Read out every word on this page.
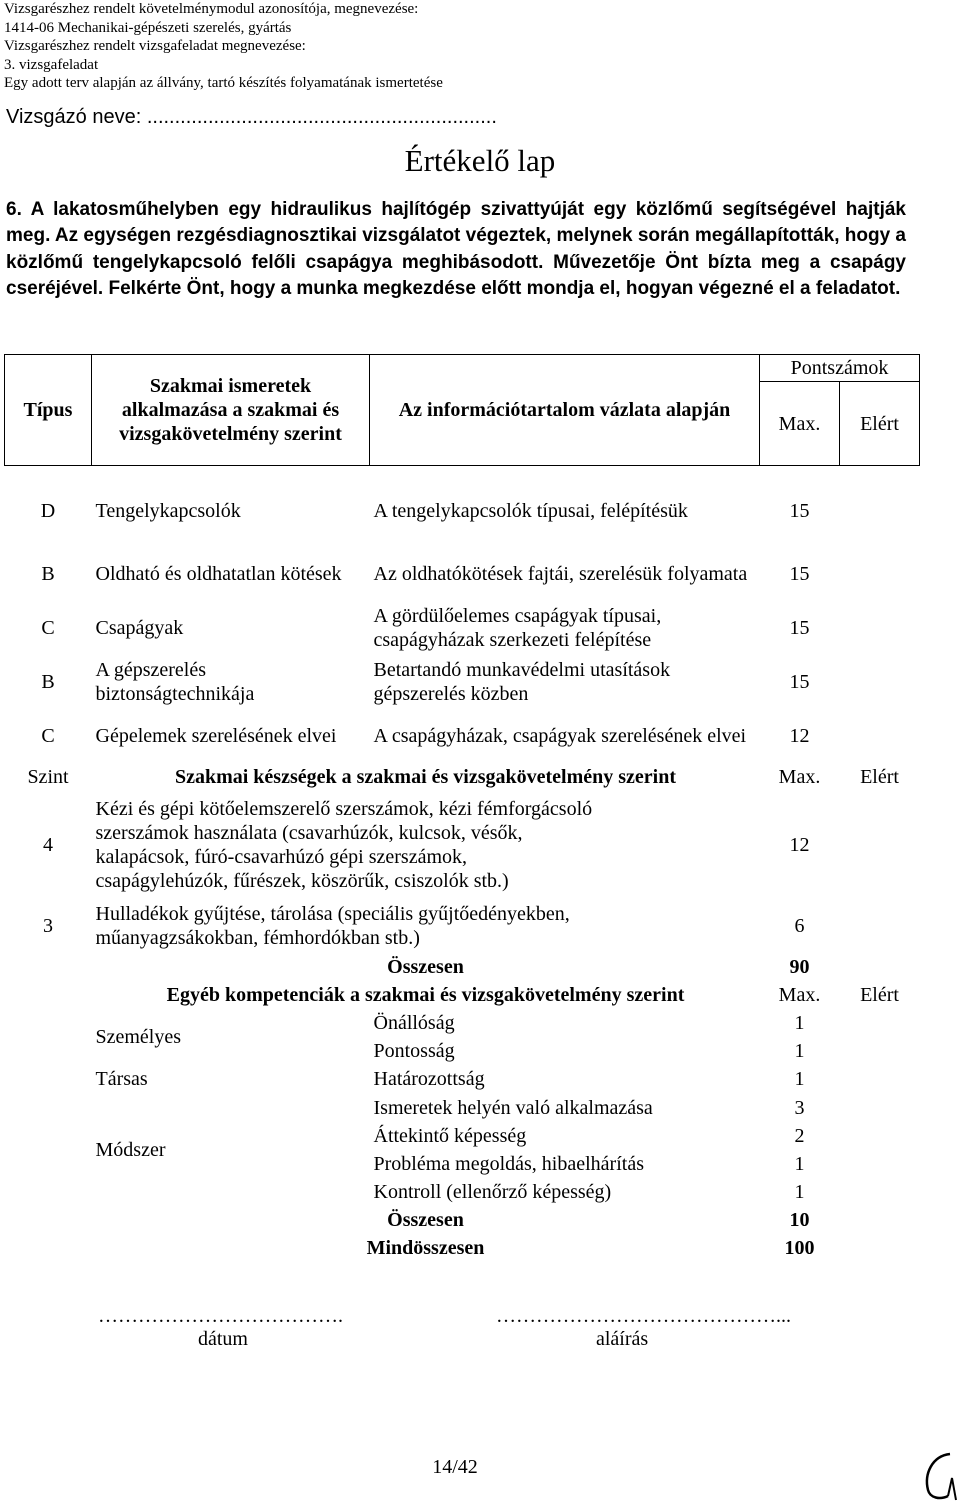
Vizsgarészhez rendelt követelménymodul azonosítója, megnevezése:
1414-06 Mechanikai-gépészeti szerelés, gyártás
Vizsgarészhez rendelt vizsgafeladat megnevezése:
3. vizsgafeladat
Egy adott terv alapján az állvány, tartó készítés folyamatának ismertetése
Vizsgázó neve: ...............................................................
Értékelő lap
6. A lakatosműhelyben egy hidraulikus hajlítógép szivattyúját egy közlőmű segítségével hajtják meg. Az egységen rezgésdiagnosztikai vizsgálatot végeztek, melynek során megállapították, hogy a közlőmű tengelykapcsoló felőli csapágya meghibásodott. Művezetője Önt bízta meg a csapágy cseréjével. Felkérte Önt, hogy a munka megkezdése előtt mondja el, hogyan végezné el a feladatot.
Típus	Szakmai ismeretek alkalmazása a szakmai és vizsgakövetelmény szerint	Az információtartalom vázlata alapján	Pontszámok	
			Max.	Elért

D	Tengelykapcsolók	A tengelykapcsolók típusai, felépítésük	15	

B	Oldható és oldhatatlan kötések	Az oldhatókötések fajtái, szerelésük folyamata	15	
C	Csapágyak	A gördülőelemes csapágyak típusai, csapágyházak szerkezeti felépítése	15	
B	A gépszerelés biztonságtechnikája	Betartandó munkavédelmi utasítások gépszerelés közben	15	
C	Gépelemek szerelésének elvei	A csapágyházak, csapágyak szerelésének elvei	12	
Szint	Szakmai készségek a szakmai és vizsgakövetelmény szerint		Max.	Elért
4	Kézi és gépi kötőelemszerelő szerszámok, kézi fémforgácsoló szerszámok használata (csavarhúzók, kulcsok, vésők, kalapácsok, fúró-csavarhúzó gépi szerszámok, csapágylehúzók, fűrészek, köszörűk, csiszolók stb.)		12	
3	Hulladékok gyűjtése, tárolása (speciális gyűjtőedényekben, műanyagzsákokban, fémhordókban stb.)		6	
	Összesen		90	
	Egyéb kompetenciák a szakmai és vizsgakövetelmény szerint		Max.	Elért
	Személyes	Önállóság	1	
		Pontosság	1	
	Társas	Határozottság	1	
	Módszer	Ismeretek helyén való alkalmazása	3	
		Áttekintő képesség	2	
		Probléma megoldás, hibaelhárítás	1	
		Kontroll (ellenőrző képesség)	1	
	Összesen		10	
	Mindösszesen		100	
……………………………….
dátum
……………………………………...
aláírás
14/42
